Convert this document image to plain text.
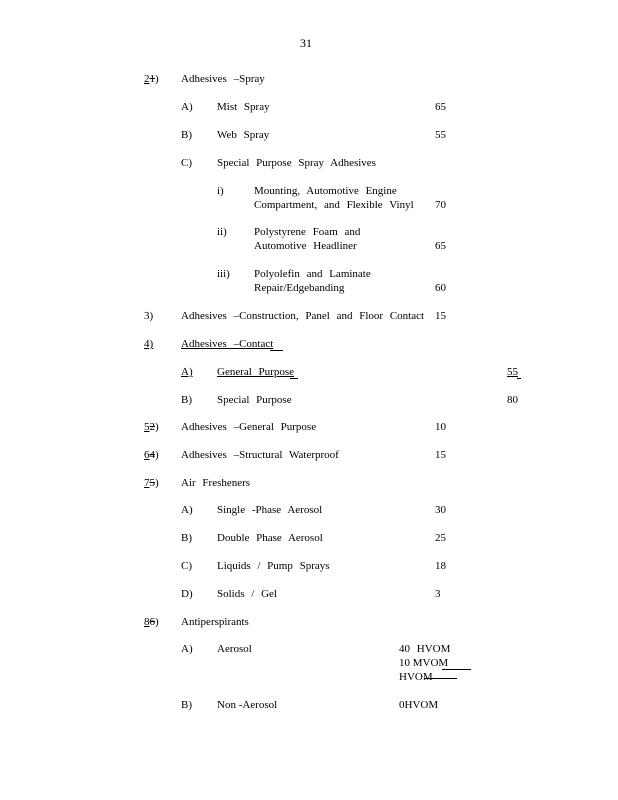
31
21) Adhesives –Spray
A) Mist Spray	65
B) Web Spray	55
C) Special Purpose Spray Adhesives
i)	Mounting, Automotive Engine
Compartment, and Flexible Vinyl 70
ii) Polystyrene Foam and
Automotive Headliner	65
iii) Polyolefin and Laminate
Repair/Edgebanding	60
3)	Adhesives –Construction, Panel and Floor Contact 15
4)	Adhesives –Contact
A) General Purpose	55
B) Special Purpose	80
52) Adhesives –General Purpose	10
64) Adhesives –Structural Waterproof	15
75) Air Fresheners
A) Single -Phase Aerosol	30
B) Double Phase Aerosol	25
C) Liquids / Pump Sprays	18
D) Solids / Gel	3
86) Antiperspirants
A) Aerosol	40 HVOM
10 MVOM
HVOM
B) Non -Aerosol	0HVOM
